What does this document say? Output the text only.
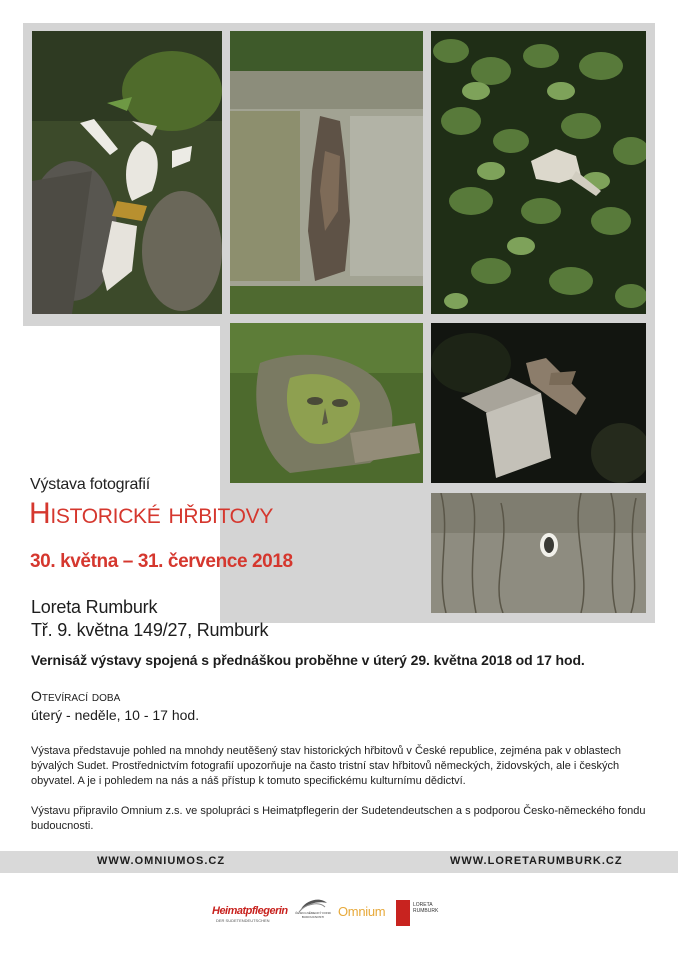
Výstava fotografií
Historické hřbitovy
30. května – 31. července 2018
Loreta Rumburk
Tř. 9. května 149/27, Rumburk
Vernisáž výstavy spojená s přednáškou proběhne v úterý 29. května 2018 od 17 hod.
Otevírací doba
úterý - neděle, 10 - 17 hod.
Výstava představuje pohled na mnohdy neutěšený stav historických hřbitovů v České republice, zejména pak v oblastech bývalých Sudet. Prostřednictvím fotografií upozorňuje na často tristní stav hřbitovů německých, židovských, ale i českých obyvatel. A je i pohledem na nás a náš přístup k tomuto specifickému kulturnímu dědictví.
Výstavu připravilo Omnium z.s. ve spolupráci s Heimatpflegerin der Sudetendeutschen a s podporou Česko-německého fondu budoucnosti.
WWW.OMNIUMOS.CZ	WWW.LORETARUMBURK.CZ
Heimatpflegerin
DER SUDETENDEUTSCHEN
ČESKO-NĚMECKÝ FOND BUDOUCNOSTI	Omnium	LORETA
RUMBURK
